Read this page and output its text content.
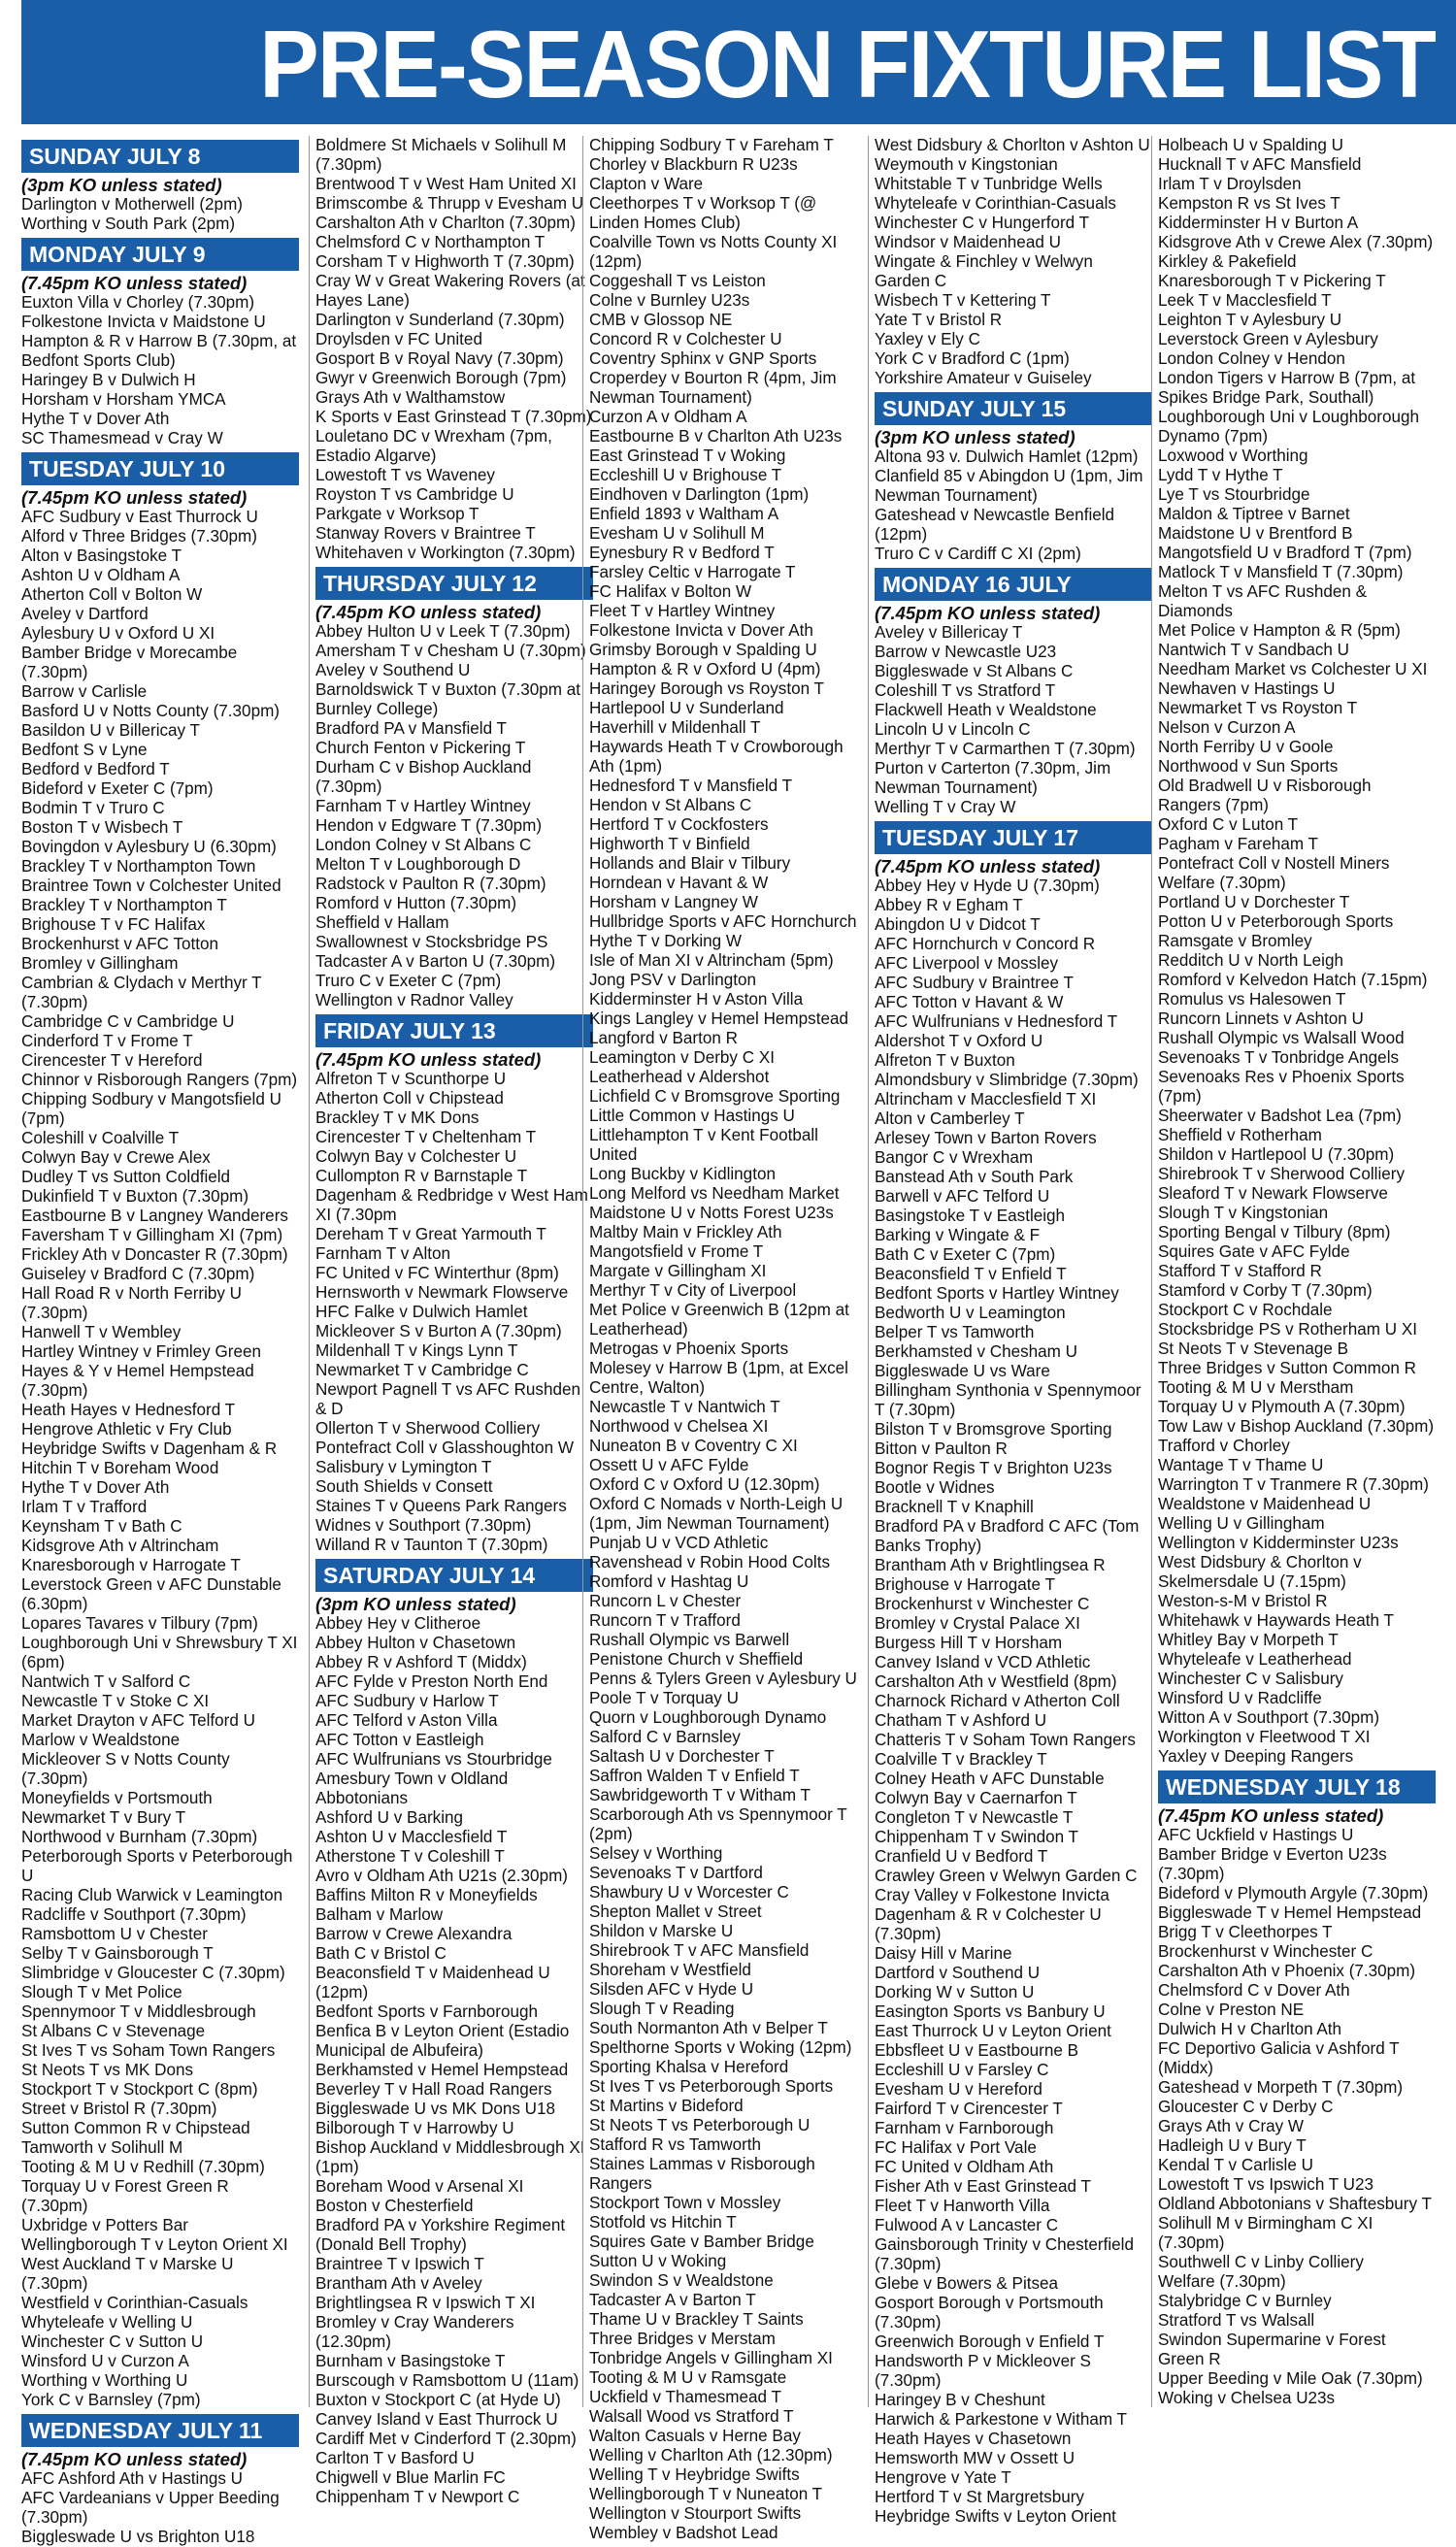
PRE-SEASON FIXTURE LIST
SUNDAY JULY 8
(3pm KO unless stated)
Darlington v Motherwell (2pm)
Worthing v South Park (2pm)
MONDAY JULY 9
(7.45pm KO unless stated)
Euxton Villa v Chorley (7.30pm)
Folkestone Invicta v Maidstone U
Hampton & R v Harrow B (7.30pm, at Bedfont Sports Club)
Haringey B v Dulwich H
Horsham v Horsham YMCA
Hythe T v Dover Ath
SC Thamesmead v Cray W
TUESDAY JULY 10
(7.45pm KO unless stated)
AFC Sudbury v East Thurrock U
Alford v Three Bridges (7.30pm)
Alton v Basingstoke T
Ashton U v Oldham A
Atherton Coll v Bolton W
Aveley v Dartford
Aylesbury U v Oxford U XI
Bamber Bridge v Morecambe (7.30pm)
Barrow v Carlisle
Basford U v Notts County (7.30pm)
Basildon U v Billericay T
Bedfont S v Lyne
Bedford v Bedford T
Bideford v Exeter C (7pm)
Bodmin T v Truro C
Boston T v Wisbech T
Bovingdon v Aylesbury U (6.30pm)
Brackley T v Northampton Town
Braintree Town v Colchester United
Brackley T v Northampton T
Brighouse T v FC Halifax
Brockenhurst v AFC Totton
Bromley v Gillingham
Cambrian & Clydach v Merthyr T (7.30pm)
Cambridge C v Cambridge U
Cinderford T v Frome T
Cirencester T v Hereford
Chinnor v Risborough Rangers (7pm)
Chipping Sodbury v Mangotsfield U (7pm)
Coleshill v Coalville T
Colwyn Bay v Crewe Alex
Dudley T vs Sutton Coldfield
Dukinfield T v Buxton (7.30pm)
Eastbourne B v Langney Wanderers
Faversham T v Gillingham XI (7pm)
Frickley Ath v Doncaster R (7.30pm)
Guiseley v Bradford C (7.30pm)
Hall Road R v North Ferriby U (7.30pm)
Hanwell T v Wembley
Hartley Wintney v Frimley Green
Hayes & Y v Hemel Hempstead (7.30pm)
Heath Hayes v Hednesford T
Hengrove Athletic v Fry Club
Heybridge Swifts v Dagenham & R
Hitchin T v Boreham Wood
Hythe T v Dover Ath
Irlam T v Trafford
Keynsham T v Bath C
Kidsgrove Ath v Altrincham
Knaresborough v Harrogate T
Leverstock Green v AFC Dunstable (6.30pm)
Lopares Tavares v Tilbury (7pm)
Loughborough Uni v Shrewsbury T XI (6pm)
Nantwich T v Salford C
Newcastle T v Stoke C XI
Market Drayton v AFC Telford U
Marlow v Wealdstone
Mickleover S v Notts County (7.30pm)
Moneyfields v Portsmouth
Newmarket T v Bury T
Northwood v Burnham (7.30pm)
Peterborough Sports v Peterborough U
Racing Club Warwick v Leamington
Radcliffe v Southport (7.30pm)
Ramsbottom U v Chester
Selby T v Gainsborough T
Slimbridge v Gloucester C (7.30pm)
Slough T v Met Police
Spennymoor T v Middlesbrough
St Albans C v Stevenage
St Ives T vs Soham Town Rangers
St Neots T vs MK Dons
Stockport T v Stockport C (8pm)
Street v Bristol R (7.30pm)
Sutton Common R v Chipstead
Tamworth v Solihull M
Tooting & M U v Redhill (7.30pm)
Torquay U v Forest Green R (7.30pm)
Uxbridge v Potters Bar
Wellingborough T v Leyton Orient XI
West Auckland T v Marske U (7.30pm)
Westfield v Corinthian-Casuals
Whyteleafe v Welling U
Winchester C v Sutton U
Winsford U v Curzon A
Worthing v Worthing U
York C v Barnsley (7pm)
WEDNESDAY JULY 11
(7.45pm KO unless stated)
AFC Ashford Ath v Hastings U
AFC Vardeanians v Upper Beeding (7.30pm)
Biggleswade U vs Brighton U18
Boldmere St Michaels v Solihull M (7.30pm)
Brentwood T v West Ham United XI
Brimscombe & Thrupp v Evesham U
Carshalton Ath v Charlton (7.30pm)
Chelmsford C v Northampton T
Corsham T v Highworth T (7.30pm)
Cray W v Great Wakering Rovers (at Hayes Lane)
Darlington v Sunderland (7.30pm)
Droylsden v FC United
Gosport B v Royal Navy (7.30pm)
Gwyr v Greenwich Borough (7pm)
Grays Ath v Walthamstow
K Sports v East Grinstead T (7.30pm)
Louletano DC v Wrexham (7pm, Estadio Algarve)
Lowestoft T vs Waveney
Royston T vs Cambridge U
Parkgate v Worksop T
Stanway Rovers v Braintree T
Whitehaven v Workington (7.30pm)
THURSDAY JULY 12
(7.45pm KO unless stated)
Abbey Hulton U v Leek T (7.30pm)
Amersham T v Chesham U (7.30pm)
Aveley v Southend U
Barnoldswick T v Buxton (7.30pm at Burnley College)
Bradford PA v Mansfield T
Church Fenton v Pickering T
Durham C v Bishop Auckland (7.30pm)
Farnham T v Hartley Wintney
Hendon v Edgware T (7.30pm)
London Colney v St Albans C
Melton T v Loughborough D
Radstock v Paulton R (7.30pm)
Romford v Hutton (7.30pm)
Sheffield v Hallam
Swallownest v Stocksbridge PS
Tadcaster A v Barton U (7.30pm)
Truro C v Exeter C (7pm)
Wellington v Radnor Valley
FRIDAY JULY 13
(7.45pm KO unless stated)
Alfreton T v Scunthorpe U
Atherton Coll v Chipstead
Brackley T v MK Dons
Cirencester T v Cheltenham T
Colwyn Bay v Colchester U
Cullompton R v Barnstaple T
Dagenham & Redbridge v West Ham XI (7.30pm
Dereham T v Great Yarmouth T
Farnham T v Alton
FC United v FC Winterthur (8pm)
Hernsworth v Newmark Flowserve
HFC Falke v Dulwich Hamlet
Mickleover S v Burton A (7.30pm)
Mildenhall T v Kings Lynn T
Newmarket T v Cambridge C
Newport Pagnell T vs AFC Rushden & D
Ollerton T v Sherwood Colliery
Pontefract Coll v Glasshoughton W
Salisbury v Lymington T
South Shields v Consett
Staines T v Queens Park Rangers
Widnes v Southport (7.30pm)
Willand R v Taunton T (7.30pm)
SATURDAY JULY 14
(3pm KO unless stated)
Abbey Hey v Clitheroe
Abbey Hulton v Chasetown
Abbey R v Ashford T (Middx)
AFC Fylde v Preston North End
AFC Sudbury v Harlow T
AFC Telford v Aston Villa
AFC Totton v Eastleigh
AFC Wulfrunians vs Stourbridge
Amesbury Town v Oldland Abbotonians
Ashford U v Barking
Ashton U v Macclesfield T
Atherstone T v Coleshill T
Avro v Oldham Ath U21s (2.30pm)
Baffins Milton R v Moneyfields
Balham v Marlow
Barrow v Crewe Alexandra
Bath C v Bristol C
Beaconsfield T v Maidenhead U (12pm)
Bedfont Sports v Farnborough
Benfica B v Leyton Orient (Estadio Municipal de Albufeira)
Berkhamsted v Hemel Hempstead
Beverley T v Hall Road Rangers
Biggleswade U vs MK Dons U18
Bilborough T v Harrowby U
Bishop Auckland v Middlesbrough XI (1pm)
Boreham Wood v Arsenal XI
Boston v Chesterfield
Bradford PA v Yorkshire Regiment (Donald Bell Trophy)
Braintree T v Ipswich T
Brantham Ath v Aveley
Brightlingsea R v Ipswich T XI
Bromley v Cray Wanderers (12.30pm)
Burnham v Basingstoke T
Burscough v Ramsbottom U (11am)
Buxton v Stockport C (at Hyde U)
Canvey Island v East Thurrock U
Cardiff Met v Cinderford T (2.30pm)
Carlton T v Basford U
Chigwell v Blue Marlin FC
Chippenham T v Newport C
Chipping Sodbury T v Fareham T
Chorley v Blackburn R U23s
Clapton v Ware
Cleethorpes T v Worksop T (@ Linden Homes Club)
Coalville Town vs Notts County XI (12pm)
Coggeshall T vs Leiston
Colne v Burnley U23s
CMB v Glossop NE
Concord R v Colchester U
Coventry Sphinx v GNP Sports
Croperdey v Bourton R (4pm, Jim Newman Tournament)
Curzon A v Oldham A
Eastbourne B v Charlton Ath U23s
East Grinstead T v Woking
Eccleshill U v Brighouse T
Eindhoven v Darlington (1pm)
Enfield 1893 v Waltham A
Evesham U v Solihull M
Eynesbury R v Bedford T
Farsley Celtic v Harrogate T
FC Halifax v Bolton W
Fleet T v Hartley Wintney
Folkestone Invicta v Dover Ath
Grimsby Borough v Spalding U
Hampton & R v Oxford U (4pm)
Haringey Borough vs Royston T
Hartlepool U v Sunderland
Haverhill v Mildenhall T
Haywards Heath T v Crowborough Ath (1pm)
Hednesford T v Mansfield T
Hendon v St Albans C
Hertford T v Cockfosters
Highworth T v Binfield
Hollands and Blair v Tilbury
Horndean v Havant & W
Horsham v Langney W
Hullbridge Sports v AFC Hornchurch
Hythe T v Dorking W
Isle of Man XI v Altrincham (5pm)
Jong PSV v Darlington
Kidderminster H v Aston Villa
Kings Langley v Hemel Hempstead
Langford v Barton R
Leamington v Derby C XI
Leatherhead v Aldershot
Lichfield C v Bromsgrove Sporting
Little Common v Hastings U
Littlehampton T v Kent Football United
Long Buckby v Kidlington
Long Melford vs Needham Market
Maidstone U v Notts Forest U23s
Maltby Main v Frickley Ath
Mangotsfield v Frome T
Margate v Gillingham XI
Merthyr T v City of Liverpool
Met Police v Greenwich B (12pm at Leatherhead)
Metrogas v Phoenix Sports
Molesey v Harrow B (1pm, at Excel Centre, Walton)
Newcastle T v Nantwich T
Northwood v Chelsea XI
Nuneaton B v Coventry C XI
Ossett U v AFC Fylde
Oxford C v Oxford U (12.30pm)
Oxford C Nomads v North-Leigh U (1pm, Jim Newman Tournament)
Punjab U v VCD Athletic
Ravenshead v Robin Hood Colts
Romford v Hashtag U
Runcorn L v Chester
Runcorn T v Trafford
Rushall Olympic vs Barwell
Penistone Church v Sheffield
Penns & Tylers Green v Aylesbury U
Poole T v Torquay U
Quorn v Loughborough Dynamo
Salford C v Barnsley
Saltash U v Dorchester T
Saffron Walden T v Enfield T
Sawbridgeworth T v Witham T
Scarborough Ath vs Spennymoor T (2pm)
Selsey v Worthing
Sevenoaks T v Dartford
Shawbury U v Worcester C
Shepton Mallet v Street
Shildon v Marske U
Shirebrook T v AFC Mansfield
Shoreham v Westfield
Silsden AFC v Hyde U
Slough T v Reading
South Normanton Ath v Belper T
Spelthorne Sports v Woking (12pm)
Sporting Khalsa v Hereford
St Ives T vs Peterborough Sports
St Martins v Bideford
St Neots T vs Peterborough U
Stafford R vs Tamworth
Staines Lammas v Risborough Rangers
Stockport Town v Mossley
Stotfold vs Hitchin T
Squires Gate v Bamber Bridge
Sutton U v Woking
Swindon S v Wealdstone
Tadcaster A v Barton T
Thame U v Brackley T Saints
Three Bridges v Merstam
Tonbridge Angels v Gillingham XI
Tooting & M U v Ramsgate
Uckfield v Thamesmead T
Walsall Wood vs Stratford T
Walton Casuals v Herne Bay
Welling v Charlton Ath (12.30pm)
Welling T v Heybridge Swifts
Wellingborough T v Nuneaton T
Wellington v Stourport Swifts
Wembley v Badshot Lead
West Didsbury & Chorlton v Ashton U
Weymouth v Kingstonian
Whitstable T v Tunbridge Wells
Whyteleafe v Corinthian-Casuals
Winchester C v Hungerford T
Windsor v Maidenhead U
Wingate & Finchley v Welwyn Garden C
Wisbech T v Kettering T
Yate T v Bristol R
Yaxley v Ely C
York C v Bradford C (1pm)
Yorkshire Amateur v Guiseley
SUNDAY JULY 15
(3pm KO unless stated)
Altona 93 v. Dulwich Hamlet (12pm)
Clanfield 85 v Abingdon U (1pm, Jim Newman Tournament)
Gateshead v Newcastle Benfield (12pm)
Truro C v Cardiff C XI (2pm)
MONDAY 16 JULY
(7.45pm KO unless stated)
Aveley v Billericay T
Barrow v Newcastle U23
Biggleswade v St Albans C
Coleshill T vs Stratford T
Flackwell Heath v Wealdstone
Lincoln U v Lincoln C
Merthyr T v Carmarthen T (7.30pm)
Purton v Carterton (7.30pm, Jim Newman Tournament)
Welling T v Cray W
TUESDAY JULY 17
(7.45pm KO unless stated)
Abbey Hey v Hyde U (7.30pm)
Abbey R v Egham T
Abingdon U v Didcot T
AFC Hornchurch v Concord R
AFC Liverpool v Mossley
AFC Sudbury v Braintree T
AFC Totton v Havant & W
AFC Wulfrunians v Hednesford T
Aldershot T v Oxford U
Alfreton T v Buxton
Almondsbury v Slimbridge (7.30pm)
Altrincham v Macclesfield T XI
Alton v Camberley T
Arlesey Town v Barton Rovers
Bangor C v Wrexham
Banstead Ath v South Park
Barwell v AFC Telford U
Basingstoke T v Eastleigh
Barking v Wingate & F
Bath C v Exeter C (7pm)
Beaconsfield T v Enfield T
Bedfont Sports v Hartley Wintney
Bedworth U v Leamington
Belper T vs Tamworth
Berkhamsted v Chesham U
Biggleswade U vs Ware
Billingham Synthonia v Spennymoor T (7.30pm)
Bilston T v Bromsgrove Sporting
Bitton v Paulton R
Bognor Regis T v Brighton U23s
Bootle v Widnes
Bracknell T v Knaphill
Bradford PA v Bradford C AFC (Tom Banks Trophy)
Brantham Ath v Brightlingsea R
Brighouse v Harrogate T
Brockenhurst v Winchester C
Bromley v Crystal Palace XI
Burgess Hill T v Horsham
Canvey Island v VCD Athletic
Carshalton Ath v Westfield (8pm)
Charnock Richard v Atherton Coll
Chatham T v Ashford U
Chatteris T v Soham Town Rangers
Coalville T v Brackley T
Colney Heath v AFC Dunstable
Colwyn Bay v Caernarfon T
Congleton T v Newcastle T
Chippenham T v Swindon T
Cranfield U v Bedford T
Crawley Green v Welwyn Garden C
Cray Valley v Folkestone Invicta
Dagenham & R v Colchester U (7.30pm)
Daisy Hill v Marine
Dartford v Southend U
Dorking W v Sutton U
Easington Sports vs Banbury U
East Thurrock U v Leyton Orient
Ebbsfleet U v Eastbourne B
Eccleshill U v Farsley C
Evesham U v Hereford
Fairford T v Cirencester T
Farnham v Farnborough
FC Halifax v Port Vale
FC United v Oldham Ath
Fisher Ath v East Grinstead T
Fleet T v Hanworth Villa
Fulwood A v Lancaster C
Gainsborough Trinity v Chesterfield (7.30pm)
Glebe v Bowers & Pitsea
Gosport Borough v Portsmouth (7.30pm)
Greenwich Borough v Enfield T
Handsworth P v Mickleover S (7.30pm)
Haringey B v Cheshunt
Harwich & Parkestone v Witham T
Heath Hayes v Chasetown
Hemsworth MW v Ossett U
Hengrove v Yate T
Hertford T v St Margretsbury
Heybridge Swifts v Leyton Orient
Holbeach U v Spalding U
Hucknall T v AFC Mansfield
Irlam T v Droylsden
Kempston R vs St Ives T
Kidderminster H v Burton A
Kidsgrove Ath v Crewe Alex (7.30pm)
Kirkley & Pakefield
Knaresborough T v Pickering T
Leek T v Macclesfield T
Leighton T v Aylesbury U
Leverstock Green v Aylesbury
London Colney v Hendon
London Tigers v Harrow B (7pm, at Spikes Bridge Park, Southall)
Loughborough Uni v Loughborough Dynamo (7pm)
Loxwood v Worthing
Lydd T v Hythe T
Lye T vs Stourbridge
Maldon & Tiptree v Barnet
Maidstone U v Brentford B
Mangotsfield U v Bradford T (7pm)
Matlock T v Mansfield T (7.30pm)
Melton T vs AFC Rushden & Diamonds
Met Police v Hampton & R (5pm)
Nantwich T v Sandbach U
Needham Market vs Colchester U XI
Newhaven v Hastings U
Newmarket T vs Royston T
Nelson v Curzon A
North Ferriby U v Goole
Northwood v Sun Sports
Old Bradwell U v Risborough Rangers (7pm)
Oxford C v Luton T
Pagham v Fareham T
Pontefract Coll v Nostell Miners Welfare (7.30pm)
Portland U v Dorchester T
Potton U v Peterborough Sports
Ramsgate v Bromley
Redditch U v North Leigh
Romford v Kelvedon Hatch (7.15pm)
Romulus vs Halesowen T
Runcorn Linnets v Ashton U
Rushall Olympic vs Walsall Wood
Sevenoaks T v Tonbridge Angels
Sevenoaks Res v Phoenix Sports (7pm)
Sheerwater v Badshot Lea (7pm)
Sheffield v Rotherham
Shildon v Hartlepool U (7.30pm)
Shirebrook T v Sherwood Colliery
Sleaford T v Newark Flowserve
Slough T v Kingstonian
Sporting Bengal v Tilbury (8pm)
Squires Gate v AFC Fylde
Stafford T v Stafford R
Stamford v Corby T (7.30pm)
Stockport C v Rochdale
Stocksbridge PS v Rotherham U XI
St Neots T v Stevenage B
Three Bridges v Sutton Common R
Tooting & M U v Merstham
Torquay U v Plymouth A (7.30pm)
Tow Law v Bishop Auckland (7.30pm)
Trafford v Chorley
Wantage T v Thame U
Warrington T v Tranmere R (7.30pm)
Wealdstone v Maidenhead U
Welling U v Gillingham
Wellington v Kidderminster U23s
West Didsbury & Chorlton v Skelmersdale U (7.15pm)
Weston-s-M v Bristol R
Whitehawk v Haywards Heath T
Whitley Bay v Morpeth T
Whyteleafe v Leatherhead
Winchester C v Salisbury
Winsford U v Radcliffe
Witton A v Southport (7.30pm)
Workington v Fleetwood T XI
Yaxley v Deeping Rangers
WEDNESDAY JULY 18
(7.45pm KO unless stated)
AFC Uckfield v Hastings U
Bamber Bridge v Everton U23s (7.30pm)
Bideford v Plymouth Argyle (7.30pm)
Biggleswade T v Hemel Hempstead
Brigg T v Cleethorpes T
Brockenhurst v Winchester C
Carshalton Ath v Phoenix (7.30pm)
Chelmsford C v Dover Ath
Colne v Preston NE
Dulwich H v Charlton Ath
FC Deportivo Galicia v Ashford T (Middx)
Gateshead v Morpeth T (7.30pm)
Gloucester C v Derby C
Grays Ath v Cray W
Hadleigh U v Bury T
Kendal T v Carlisle U
Lowestoft T vs Ipswich T U23
Oldland Abbotonians v Shaftesbury T
Solihull M v Birmingham C XI (7.30pm)
Southwell C v Linby Colliery
Welfare (7.30pm)
Stalybridge C v Burnley
Stratford T vs Walsall
Swindon Supermarine v Forest Green R
Upper Beeding v Mile Oak (7.30pm)
Woking v Chelsea U23s
